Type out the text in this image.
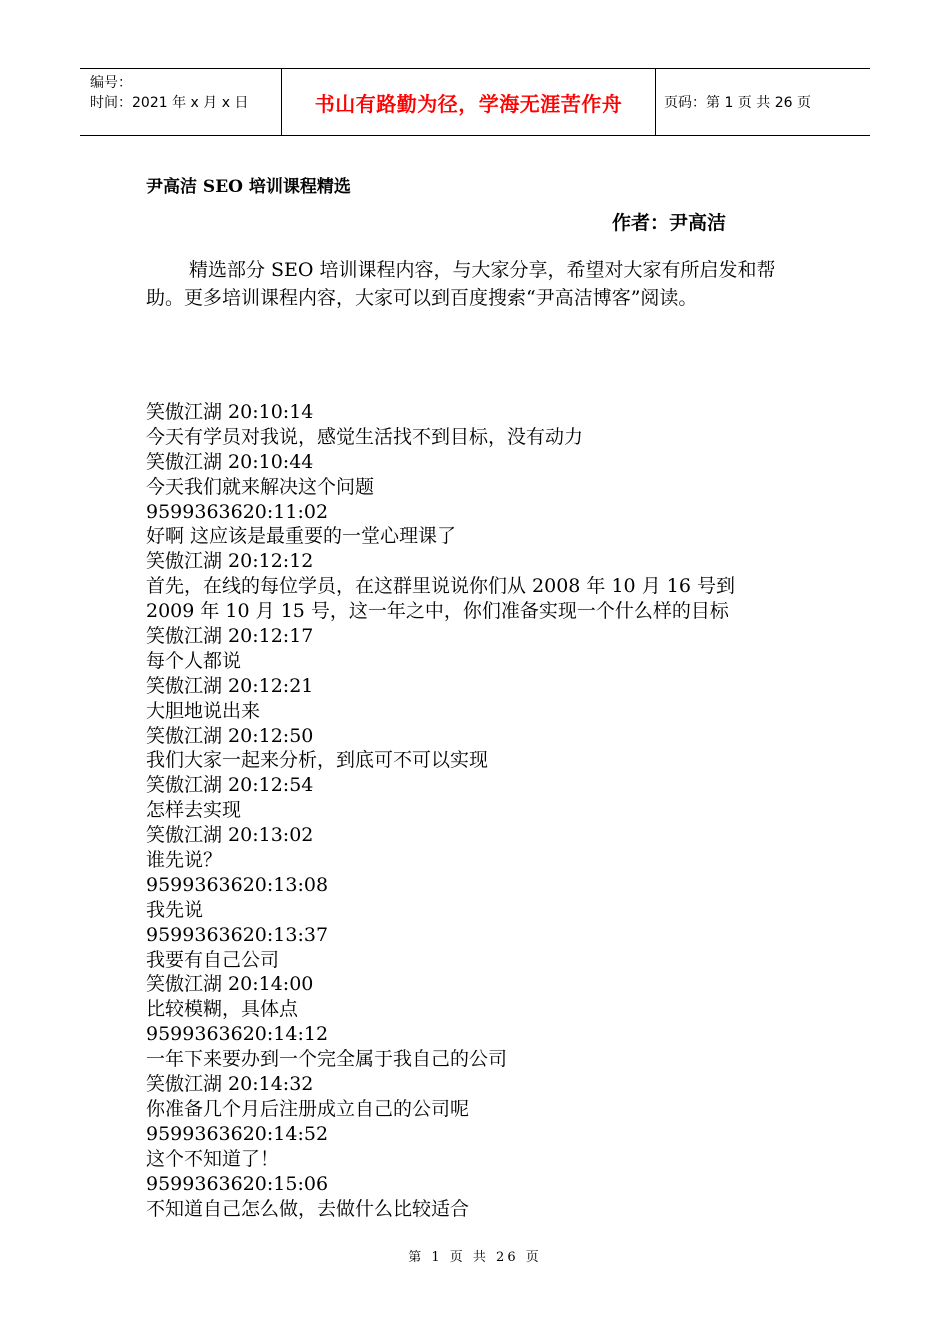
编号：
时间：2021 年 x 月 x 日	书山有路勤为径，学海无涯苦作舟	页码：第 1 页 共 26 页
尹高洁 SEO 培训课程精选

作者：尹高洁

精选部分 SEO 培训课程内容，与大家分享，希望对大家有所启发和帮助。更多培训课程内容，大家可以到百度搜索“尹高洁博客”阅读。

笑傲江湖 20:10:14
今天有学员对我说，感觉生活找不到目标，没有动力
笑傲江湖 20:10:44
今天我们就来解决这个问题
9599363620:11:02
好啊 这应该是最重要的一堂心理课了
笑傲江湖 20:12:12
首先，在线的每位学员，在这群里说说你们从 2008 年 10 月 16 号到
2009 年 10 月 15 号，这一年之中，你们准备实现一个什么样的目标
笑傲江湖 20:12:17
每个人都说
笑傲江湖 20:12:21
大胆地说出来
笑傲江湖 20:12:50
我们大家一起来分析，到底可不可以实现
笑傲江湖 20:12:54
怎样去实现
笑傲江湖 20:13:02
谁先说？
9599363620:13:08
我先说
9599363620:13:37
我要有自己公司
笑傲江湖 20:14:00
比较模糊，具体点
9599363620:14:12
一年下来要办到一个完全属于我自己的公司
笑傲江湖 20:14:32
你准备几个月后注册成立自己的公司呢
9599363620:14:52
这个不知道了！
9599363620:15:06
不知道自己怎么做，去做什么比较适合
第 1 页 共 26 页
